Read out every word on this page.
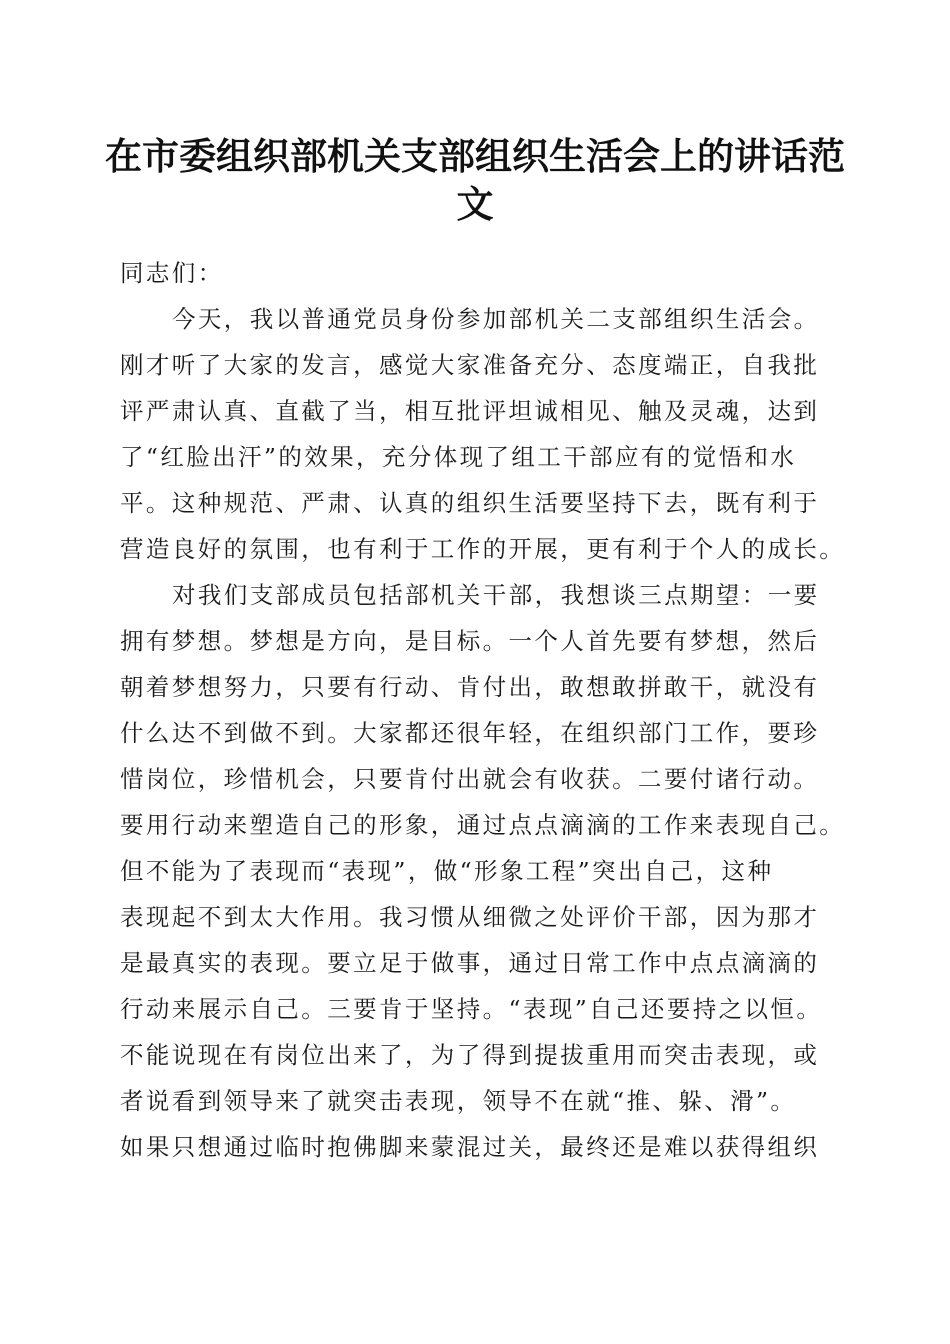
在市委组织部机关支部组织生活会上的讲话范
文
同志们：
今天，我以普通党员身份参加部机关二支部组织生活会。
刚才听了大家的发言，感觉大家准备充分、态度端正，自我批
评严肃认真、直截了当，相互批评坦诚相见、触及灵魂，达到
了“红脸出汗”的效果，充分体现了组工干部应有的觉悟和水
平。这种规范、严肃、认真的组织生活要坚持下去，既有利于
营造良好的氛围，也有利于工作的开展，更有利于个人的成长。
对我们支部成员包括部机关干部，我想谈三点期望：一要
拥有梦想。梦想是方向，是目标。一个人首先要有梦想，然后
朝着梦想努力，只要有行动、肯付出，敢想敢拼敢干，就没有
什么达不到做不到。大家都还很年轻，在组织部门工作，要珍
惜岗位，珍惜机会，只要肯付出就会有收获。二要付诸行动。
要用行动来塑造自己的形象，通过点点滴滴的工作来表现自己。
但不能为了表现而“表现”，做“形象工程”突出自己，这种
表现起不到太大作用。我习惯从细微之处评价干部，因为那才
是最真实的表现。要立足于做事，通过日常工作中点点滴滴的
行动来展示自己。三要肯于坚持。“表现”自己还要持之以恒。
不能说现在有岗位出来了，为了得到提拔重用而突击表现，或
者说看到领导来了就突击表现，领导不在就“推、躲、滑”。
如果只想通过临时抱佛脚来蒙混过关，最终还是难以获得组织
